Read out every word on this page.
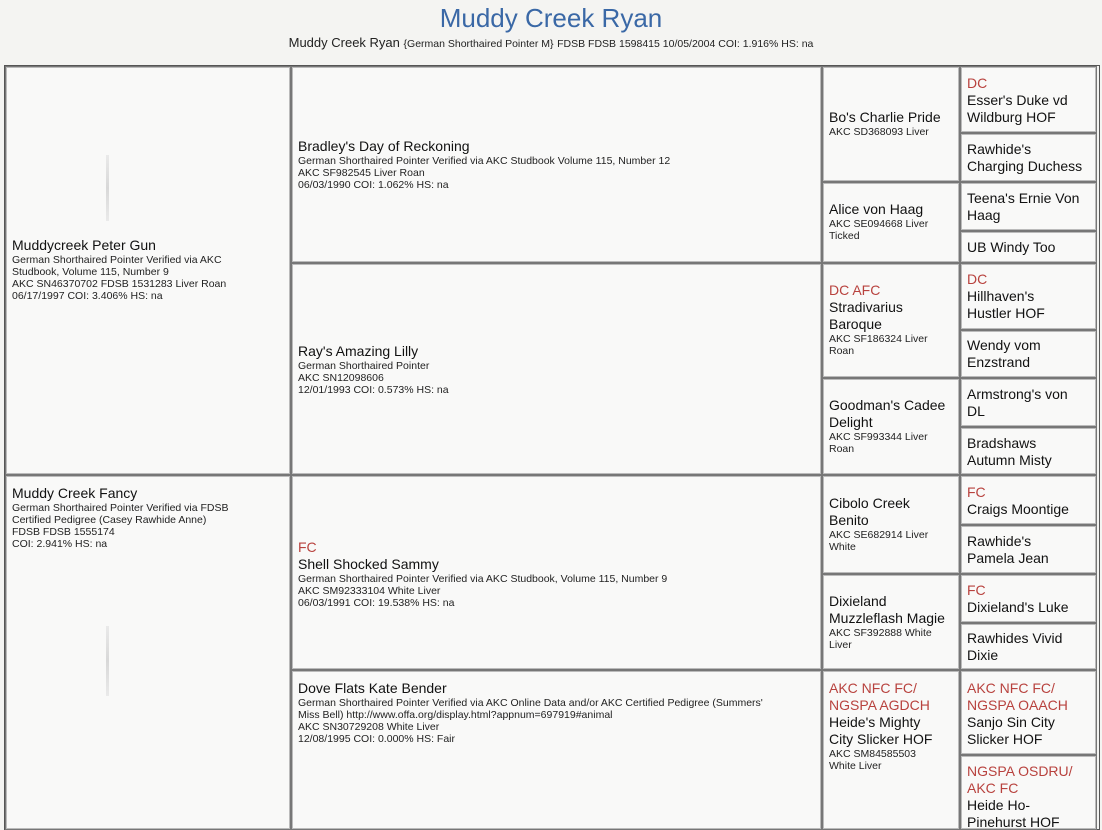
Muddy Creek Ryan
Muddy Creek Ryan {German Shorthaired Pointer M} FDSB FDSB 1598415 10/05/2004 COI: 1.916% HS: na
Muddycreek Peter Gun
German Shorthaired Pointer Verified via AKC
Studbook, Volume 115, Number 9
AKC SN46370702 FDSB 1531283 Liver Roan
06/17/1997 COI: 3.406% HS: na
Muddy Creek Fancy
German Shorthaired Pointer Verified via FDSB
Certified Pedigree (Casey Rawhide Anne)
FDSB FDSB 1555174
COI: 2.941% HS: na
Bradley's Day of Reckoning
German Shorthaired Pointer Verified via AKC Studbook Volume 115, Number 12
AKC SF982545 Liver Roan
06/03/1990 COI: 1.062% HS: na
Ray's Amazing Lilly
German Shorthaired Pointer
AKC SN12098606
12/01/1993 COI: 0.573% HS: na
FC
Shell Shocked Sammy
German Shorthaired Pointer Verified via AKC Studbook, Volume 115, Number 9
AKC SM92333104 White Liver
06/03/1991 COI: 19.538% HS: na
Dove Flats Kate Bender
German Shorthaired Pointer Verified via AKC Online Data and/or AKC Certified Pedigree (Summers'
Miss Bell) http://www.offa.org/display.html?appnum=697919#animal
AKC SN30729208 White Liver
12/08/1995 COI: 0.000% HS: Fair
Bo's Charlie Pride
AKC SD368093 Liver
Alice von Haag
AKC SE094668 Liver
Ticked
DC AFC
Stradivarius
Baroque
AKC SF186324 Liver
Roan
Goodman's Cadee
Delight
AKC SF993344 Liver
Roan
Cibolo Creek
Benito
AKC SE682914 Liver
White
Dixieland
Muzzleflash Magie
AKC SF392888 White
Liver
AKC NFC FC/
NGSPA AGDCH
Heide's Mighty
City Slicker HOF
AKC SM84585503
White Liver
DC
Esser's Duke vd
Wildburg HOF
Rawhide's
Charging Duchess
Teena's Ernie Von
Haag
UB Windy Too
DC
Hillhaven's
Hustler HOF
Wendy vom
Enzstrand
Armstrong's von
DL
Bradshaws
Autumn Misty
FC
Craigs Moontige
Rawhide's
Pamela Jean
FC
Dixieland's Luke
Rawhides Vivid
Dixie
AKC NFC FC/
NGSPA OAACH
Sanjo Sin City
Slicker HOF
NGSPA OSDRU/
AKC FC
Heide Ho-
Pinehurst HOF
